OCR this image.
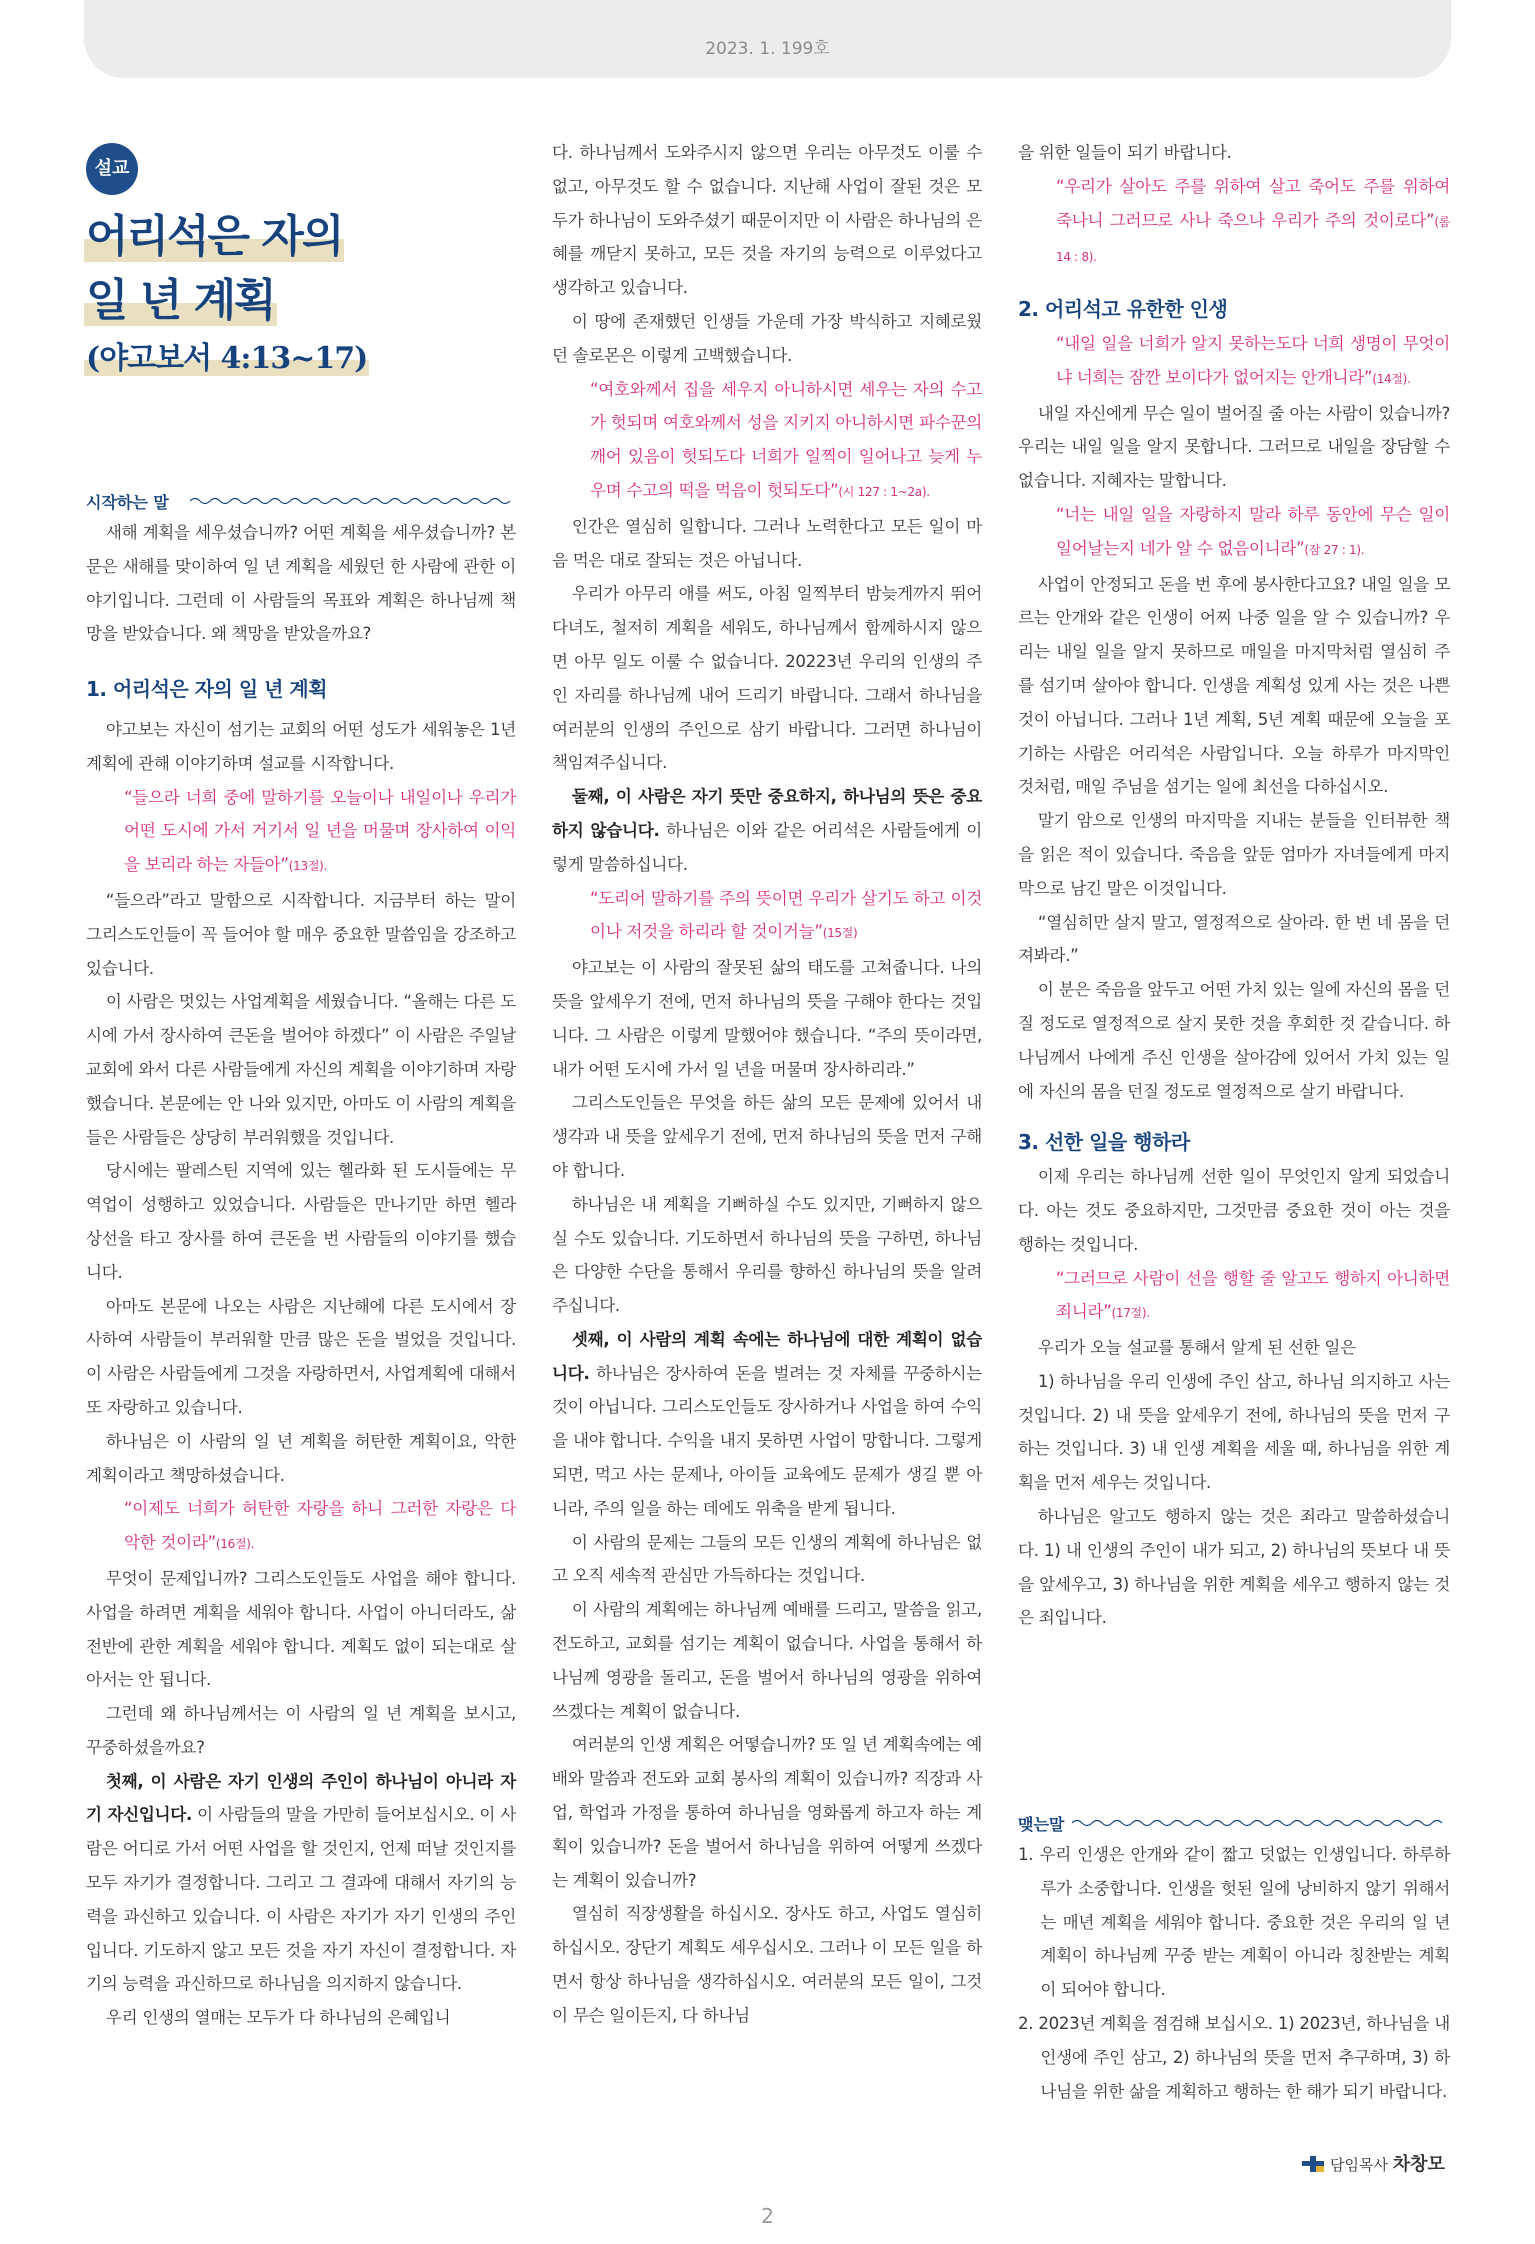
2023. 1. 199호
설교
어리석은 자의
일 년 계획
(야고보서 4:13~17)
시작하는 말

새해 계획을 세우셨습니까? 어떤 계획을 세우셨습니까? 본문은 새해를 맞이하여 일 년 계획을 세웠던 한 사람에 관한 이야기입니다. 그런데 이 사람들의 목표와 계획은 하나님께 책망을 받았습니다. 왜 책망을 받았을까요?

1. 어리석은 자의 일 년 계획

야고보는 자신이 섬기는 교회의 어떤 성도가 세워놓은 1년 계획에 관해 이야기하며 설교를 시작합니다.

“들으라 너희 중에 말하기를 오늘이나 내일이나 우리가 어떤 도시에 가서 거기서 일 년을 머물며 장사하여 이익을 보리라 하는 자들아”(13절).

“들으라”라고 말함으로 시작합니다. 지금부터 하는 말이 그리스도인들이 꼭 들어야 할 매우 중요한 말씀임을 강조하고 있습니다.

이 사람은 멋있는 사업계획을 세웠습니다. “올해는 다른 도시에 가서 장사하여 큰돈을 벌어야 하겠다” 이 사람은 주일날 교회에 와서 다른 사람들에게 자신의 계획을 이야기하며 자랑했습니다. 본문에는 안 나와 있지만, 아마도 이 사람의 계획을 들은 사람들은 상당히 부러워했을 것입니다.

당시에는 팔레스틴 지역에 있는 헬라화 된 도시들에는 무역업이 성행하고 있었습니다. 사람들은 만나기만 하면 헬라 상선을 타고 장사를 하여 큰돈을 번 사람들의 이야기를 했습니다.

아마도 본문에 나오는 사람은 지난해에 다른 도시에서 장사하여 사람들이 부러워할 만큼 많은 돈을 벌었을 것입니다. 이 사람은 사람들에게 그것을 자랑하면서, 사업계획에 대해서 또 자랑하고 있습니다.

하나님은 이 사람의 일 년 계획을 허탄한 계획이요, 악한 계획이라고 책망하셨습니다.

“이제도 너희가 허탄한 자랑을 하니 그러한 자랑은 다 악한 것이라”(16절).

무엇이 문제입니까? 그리스도인들도 사업을 해야 합니다. 사업을 하려면 계획을 세워야 합니다. 사업이 아니더라도, 삶 전반에 관한 계획을 세워야 합니다. 계획도 없이 되는대로 살아서는 안 됩니다.

그런데 왜 하나님께서는 이 사람의 일 년 계획을 보시고, 꾸중하셨을까요?

첫째, 이 사람은 자기 인생의 주인이 하나님이 아니라 자기 자신입니다. 이 사람들의 말을 가만히 들어보십시오. 이 사람은 어디로 가서 어떤 사업을 할 것인지, 언제 떠날 것인지를 모두 자기가 결정합니다. 그리고 그 결과에 대해서 자기의 능력을 과신하고 있습니다. 이 사람은 자기가 자기 인생의 주인입니다. 기도하지 않고 모든 것을 자기 자신이 결정합니다. 자기의 능력을 과신하므로 하나님을 의지하지 않습니다.

우리 인생의 열매는 모두가 다 하나님의 은혜입니

다. 하나님께서 도와주시지 않으면 우리는 아무것도 이룰 수 없고, 아무것도 할 수 없습니다. 지난해 사업이 잘된 것은 모두가 하나님이 도와주셨기 때문이지만 이 사람은 하나님의 은혜를 깨닫지 못하고, 모든 것을 자기의 능력으로 이루었다고 생각하고 있습니다.

이 땅에 존재했던 인생들 가운데 가장 박식하고 지혜로웠던 솔로몬은 이렇게 고백했습니다.

“여호와께서 집을 세우지 아니하시면 세우는 자의 수고가 헛되며 여호와께서 성을 지키지 아니하시면 파수꾼의 깨어 있음이 헛되도다 너희가 일찍이 일어나고 늦게 누우며 수고의 떡을 먹음이 헛되도다”(시 127 : 1~2a).

인간은 열심히 일합니다. 그러나 노력한다고 모든 일이 마음 먹은 대로 잘되는 것은 아닙니다.

우리가 아무리 애를 써도, 아침 일찍부터 밤늦게까지 뛰어다녀도, 철저히 계획을 세워도, 하나님께서 함께하시지 않으면 아무 일도 이룰 수 없습니다. 20223년 우리의 인생의 주인 자리를 하나님께 내어 드리기 바랍니다. 그래서 하나님을 여러분의 인생의 주인으로 삼기 바랍니다. 그러면 하나님이 책임져주십니다.

둘째, 이 사람은 자기 뜻만 중요하지, 하나님의 뜻은 중요하지 않습니다. 하나님은 이와 같은 어리석은 사람들에게 이렇게 말씀하십니다.

“도리어 말하기를 주의 뜻이면 우리가 살기도 하고 이것이나 저것을 하리라 할 것이거늘”(15절)

야고보는 이 사람의 잘못된 삶의 태도를 고쳐줍니다. 나의 뜻을 앞세우기 전에, 먼저 하나님의 뜻을 구해야 한다는 것입니다. 그 사람은 이렇게 말했어야 했습니다. “주의 뜻이라면, 내가 어떤 도시에 가서 일 년을 머물며 장사하리라.”

그리스도인들은 무엇을 하든 삶의 모든 문제에 있어서 내 생각과 내 뜻을 앞세우기 전에, 먼저 하나님의 뜻을 먼저 구해야 합니다.

하나님은 내 계획을 기뻐하실 수도 있지만, 기뻐하지 않으실 수도 있습니다. 기도하면서 하나님의 뜻을 구하면, 하나님은 다양한 수단을 통해서 우리를 향하신 하나님의 뜻을 알려주십니다.

셋째, 이 사람의 계획 속에는 하나님에 대한 계획이 없습니다. 하나님은 장사하여 돈을 벌려는 것 자체를 꾸중하시는 것이 아닙니다. 그리스도인들도 장사하거나 사업을 하여 수익을 내야 합니다. 수익을 내지 못하면 사업이 망합니다. 그렇게 되면, 먹고 사는 문제나, 아이들 교육에도 문제가 생길 뿐 아니라, 주의 일을 하는 데에도 위축을 받게 됩니다.

이 사람의 문제는 그들의 모든 인생의 계획에 하나님은 없고 오직 세속적 관심만 가득하다는 것입니다.

이 사람의 계획에는 하나님께 예배를 드리고, 말씀을 읽고, 전도하고, 교회를 섬기는 계획이 없습니다. 사업을 통해서 하나님께 영광을 돌리고, 돈을 벌어서 하나님의 영광을 위하여 쓰겠다는 계획이 없습니다.

여러분의 인생 계획은 어떻습니까? 또 일 년 계획속에는 예배와 말씀과 전도와 교회 봉사의 계획이 있습니까? 직장과 사업, 학업과 가정을 통하여 하나님을 영화롭게 하고자 하는 계획이 있습니까? 돈을 벌어서 하나님을 위하여 어떻게 쓰겠다는 계획이 있습니까?

열심히 직장생활을 하십시오. 장사도 하고, 사업도 열심히 하십시오. 장단기 계획도 세우십시오. 그러나 이 모든 일을 하면서 항상 하나님을 생각하십시오. 여러분의 모든 일이, 그것이 무슨 일이든지, 다 하나님

을 위한 일들이 되기 바랍니다.

“우리가 살아도 주를 위하여 살고 죽어도 주를 위하여 죽나니 그러므로 사나 죽으나 우리가 주의 것이로다”(롬 14 : 8).

2. 어리석고 유한한 인생

“내일 일을 너희가 알지 못하는도다 너희 생명이 무엇이냐 너희는 잠깐 보이다가 없어지는 안개니라”(14절).

내일 자신에게 무슨 일이 벌어질 줄 아는 사람이 있습니까? 우리는 내일 일을 알지 못합니다. 그러므로 내일을 장담할 수 없습니다. 지혜자는 말합니다.

“너는 내일 일을 자랑하지 말라 하루 동안에 무슨 일이 일어날는지 네가 알 수 없음이니라”(잠 27 : 1).

사업이 안정되고 돈을 번 후에 봉사한다고요? 내일 일을 모르는 안개와 같은 인생이 어찌 나중 일을 알 수 있습니까? 우리는 내일 일을 알지 못하므로 매일을 마지막처럼 열심히 주를 섬기며 살아야 합니다. 인생을 계획성 있게 사는 것은 나쁜 것이 아닙니다. 그러나 1년 계획, 5년 계획 때문에 오늘을 포기하는 사람은 어리석은 사람입니다. 오늘 하루가 마지막인 것처럼, 매일 주님을 섬기는 일에 최선을 다하십시오.

말기 암으로 인생의 마지막을 지내는 분들을 인터뷰한 책을 읽은 적이 있습니다. 죽음을 앞둔 엄마가 자녀들에게 마지막으로 남긴 말은 이것입니다.

“열심히만 살지 말고, 열정적으로 살아라. 한 번 네 몸을 던져봐라.”

이 분은 죽음을 앞두고 어떤 가치 있는 일에 자신의 몸을 던질 정도로 열정적으로 살지 못한 것을 후회한 것 같습니다. 하나님께서 나에게 주신 인생을 살아감에 있어서 가치 있는 일에 자신의 몸을 던질 정도로 열정적으로 살기 바랍니다.

3. 선한 일을 행하라

이제 우리는 하나님께 선한 일이 무엇인지 알게 되었습니다. 아는 것도 중요하지만, 그것만큼 중요한 것이 아는 것을 행하는 것입니다.

“그러므로 사람이 선을 행할 줄 알고도 행하지 아니하면 죄니라”(17절).

우리가 오늘 설교를 통해서 알게 된 선한 일은

1) 하나님을 우리 인생에 주인 삼고, 하나님 의지하고 사는 것입니다. 2) 내 뜻을 앞세우기 전에, 하나님의 뜻을 먼저 구하는 것입니다. 3) 내 인생 계획을 세울 때, 하나님을 위한 계획을 먼저 세우는 것입니다.

하나님은 알고도 행하지 않는 것은 죄라고 말씀하셨습니다. 1) 내 인생의 주인이 내가 되고, 2) 하나님의 뜻보다 내 뜻을 앞세우고, 3) 하나님을 위한 계획을 세우고 행하지 않는 것은 죄입니다.

맺는말

1. 우리 인생은 안개와 같이 짧고 덧없는 인생입니다. 하루하루가 소중합니다. 인생을 헛된 일에 낭비하지 않기 위해서는 매년 계획을 세워야 합니다. 중요한 것은 우리의 일 년 계획이 하나님께 꾸중 받는 계획이 아니라 칭찬받는 계획이 되어야 합니다.

2. 2023년 계획을 점검해 보십시오. 1) 2023년, 하나님을 내 인생에 주인 삼고, 2) 하나님의 뜻을 먼저 추구하며, 3) 하나님을 위한 삶을 계획하고 행하는 한 해가 되기 바랍니다.

담임목사 차창모
2
